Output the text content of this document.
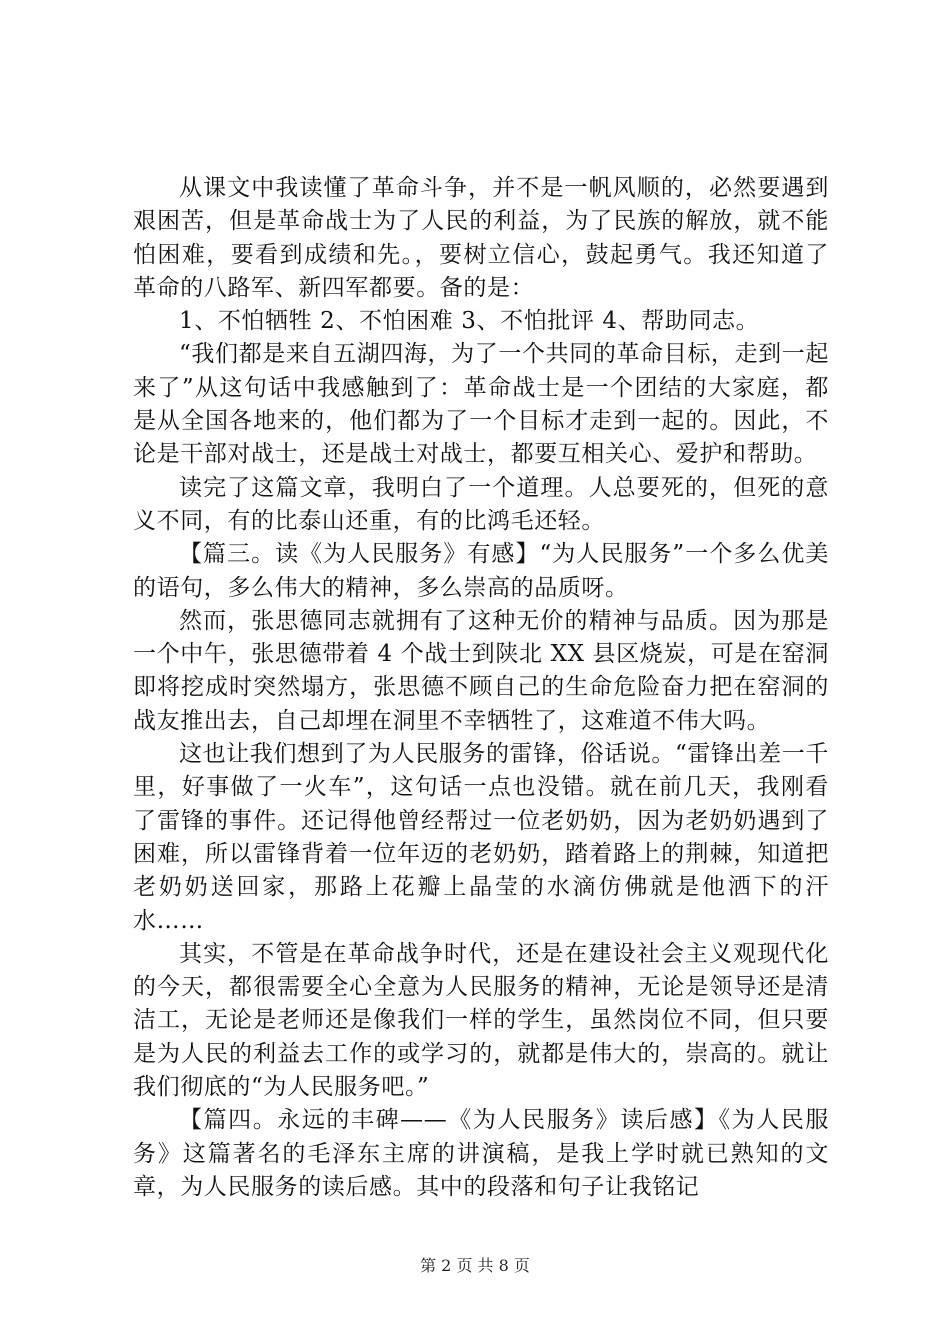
从课文中我读懂了革命斗争，并不是一帆风顺的，必然要遇到艰困苦，但是革命战士为了人民的利益，为了民族的解放，就不能怕困难，要看到成绩和先。，要树立信心，鼓起勇气。我还知道了革命的八路军、新四军都要。备的是：

1、不怕牺牲 2、不怕困难 3、不怕批评 4、帮助同志。

“我们都是来自五湖四海，为了一个共同的革命目标，走到一起来了”从这句话中我感触到了：革命战士是一个团结的大家庭，都是从全国各地来的，他们都为了一个目标才走到一起的。因此，不论是干部对战士，还是战士对战士，都要互相关心、爱护和帮助。

读完了这篇文章，我明白了一个道理。人总要死的，但死的意义不同，有的比泰山还重，有的比鸿毛还轻。

【篇三。读《为人民服务》有感】“为人民服务”一个多么优美的语句，多么伟大的精神，多么崇高的品质呀。

然而，张思德同志就拥有了这种无价的精神与品质。因为那是一个中午，张思德带着 4 个战士到陕北 XX 县区烧炭，可是在窑洞即将挖成时突然塌方，张思德不顾自己的生命危险奋力把在窑洞的战友推出去，自己却埋在洞里不幸牺牲了，这难道不伟大吗。

这也让我们想到了为人民服务的雷锋，俗话说。“雷锋出差一千里，好事做了一火车”，这句话一点也没错。就在前几天，我刚看了雷锋的事件。还记得他曾经帮过一位老奶奶，因为老奶奶遇到了困难，所以雷锋背着一位年迈的老奶奶，踏着路上的荆棘，知道把老奶奶送回家，那路上花瓣上晶莹的水滴仿佛就是他洒下的汗水……

其实，不管是在革命战争时代，还是在建设社会主义观现代化的今天，都很需要全心全意为人民服务的精神，无论是领导还是清洁工，无论是老师还是像我们一样的学生，虽然岗位不同，但只要是为人民的利益去工作的或学习的，就都是伟大的，崇高的。就让我们彻底的“为人民服务吧。”

【篇四。永远的丰碑——《为人民服务》读后感】《为人民服务》这篇著名的毛泽东主席的讲演稿，是我上学时就已熟知的文章，为人民服务的读后感。其中的段落和句子让我铭记

第 2 页 共 8 页
